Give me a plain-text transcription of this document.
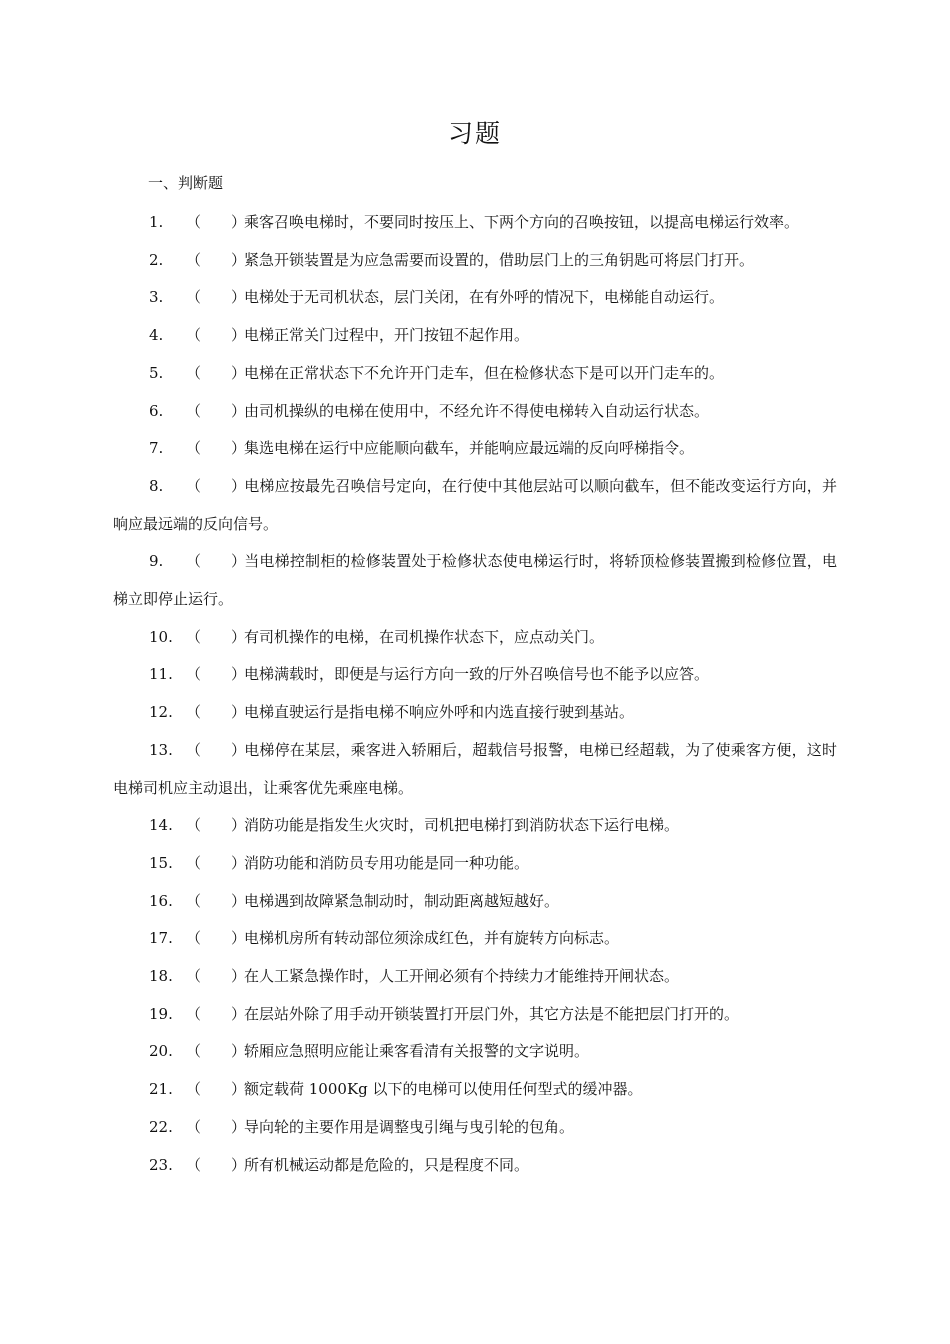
习题
一、判断题

1. （　　）乘客召唤电梯时，不要同时按压上、下两个方向的召唤按钮，以提高电梯运行效率。

2. （　　）紧急开锁装置是为应急需要而设置的，借助层门上的三角钥匙可将层门打开。

3. （　　）电梯处于无司机状态，层门关闭，在有外呼的情况下，电梯能自动运行。

4. （　　）电梯正常关门过程中，开门按钮不起作用。

5. （　　）电梯在正常状态下不允许开门走车，但在检修状态下是可以开门走车的。

6. （　　）由司机操纵的电梯在使用中，不经允许不得使电梯转入自动运行状态。

7. （　　）集选电梯在运行中应能顺向截车，并能响应最远端的反向呼梯指令。

8. （　　）电梯应按最先召唤信号定向，在行使中其他层站可以顺向截车，但不能改变运行方向，并响应最远端的反向信号。

9. （　　）当电梯控制柜的检修装置处于检修状态使电梯运行时，将轿顶检修装置搬到检修位置，电梯立即停止运行。

10. （　　）有司机操作的电梯，在司机操作状态下，应点动关门。

11. （　　）电梯满载时，即便是与运行方向一致的厅外召唤信号也不能予以应答。

12. （　　）电梯直驶运行是指电梯不响应外呼和内选直接行驶到基站。

13. （　　）电梯停在某层，乘客进入轿厢后，超载信号报警，电梯已经超载，为了使乘客方便，这时电梯司机应主动退出，让乘客优先乘座电梯。

14. （　　）消防功能是指发生火灾时，司机把电梯打到消防状态下运行电梯。

15. （　　）消防功能和消防员专用功能是同一种功能。

16. （　　）电梯遇到故障紧急制动时，制动距离越短越好。

17. （　　）电梯机房所有转动部位须涂成红色，并有旋转方向标志。

18. （　　）在人工紧急操作时，人工开闸必须有个持续力才能维持开闸状态。

19. （　　）在层站外除了用手动开锁装置打开层门外，其它方法是不能把层门打开的。

20. （　　）轿厢应急照明应能让乘客看清有关报警的文字说明。

21. （　　）额定载荷 1000Kg 以下的电梯可以使用任何型式的缓冲器。

22. （　　）导向轮的主要作用是调整曳引绳与曳引轮的包角。

23. （　　）所有机械运动都是危险的，只是程度不同。
